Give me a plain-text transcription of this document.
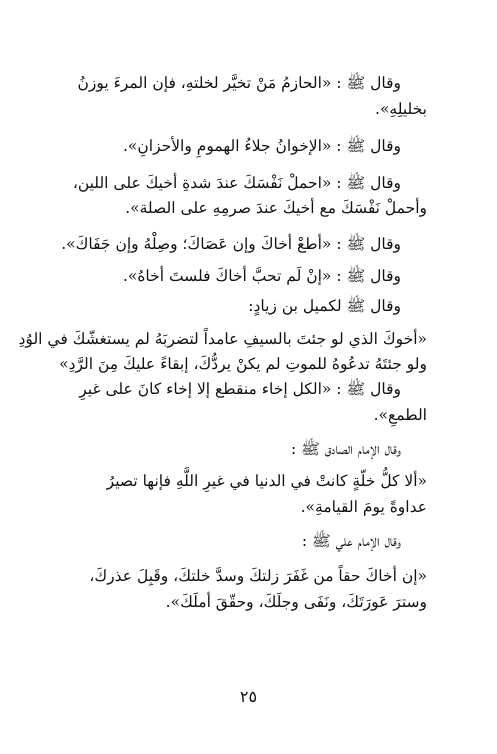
وقال ﷺ : «الحازمُ مَنْ تخيَّر لخلتهِ، فإن المرءَ يوزنُ
بخليلِهِ».
وقال ﷺ : «الإخوانُ جلاءُ الهمومِ والأحزانِ».
وقال ﷺ : «احملْ نَفْسَكَ عندَ شدةِ أخيكَ على اللين،
وأحملْ نَفْسَكَ مع أخيكَ عندَ صرمِهِ على الصلة».
وقال ﷺ : «أطعْ أخاكَ وإن عَصَاكَ؛ وصِلْهُ وإن جَفَاكَ».
وقال ﷺ : «إنْ لَم تحبَّ أخاكَ فلستَ أخاهُ».
وقال ﷺ لكميل بن زيادٍ:
«أخوكَ الذي لو جئتَ بالسيفِ عامداً لتضربَهُ لم يستغشّكَ في الوُدِ
ولو جئتَهُ تدعُوهُ للموتِ لم يكنْ يردُّكَ، إبقاءً عليكَ مِنَ الرَّدِ»
وقال ﷺ : «الكل إخاء منقطع إلا إخاء كانَ على غيرِ
الطمعِ».
وقال الإمام الصادق ﷺ :
«ألا كلُّ خلّةٍ كانتْ في الدنيا في غيرِ اللَّهِ فإنها تصيرُ
عداوةً يومَ القيامةِ».
وقال الإمام علي ﷺ :
«إن أخاكَ حقاً من غَفَرَ زلتكَ وسدَّ خلتكَ، وقَبِلَ عذركَ،
وسترَ عَورَتَكَ، ونَفَى وجلَكَ، وحقّقَ أملَكَ».
٢٥
